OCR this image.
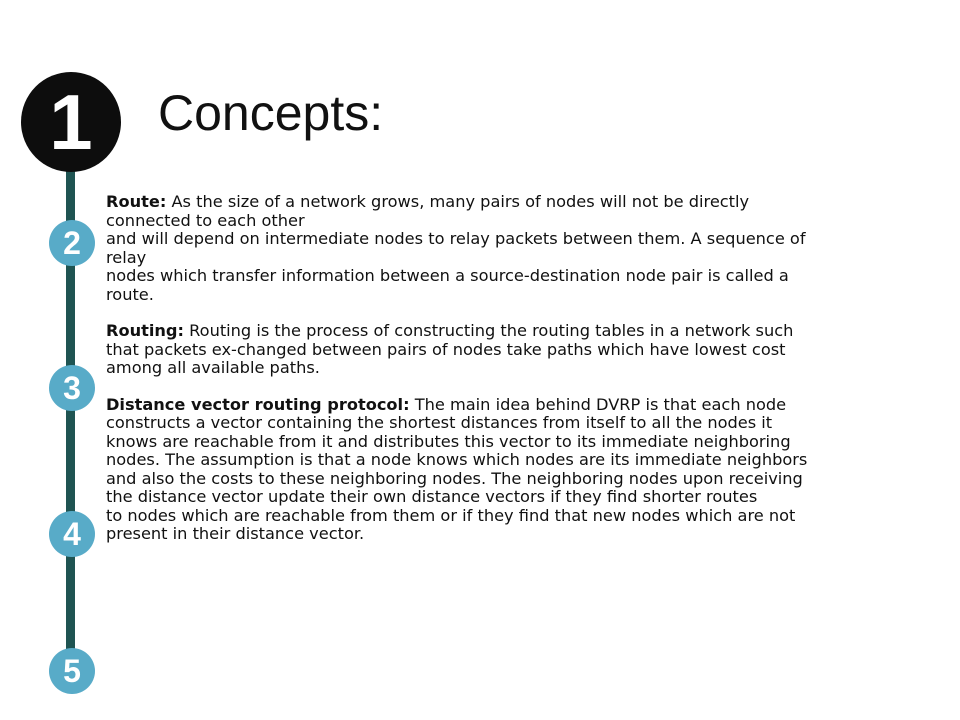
1
2
3
4
5
Concepts:

Route: As the size of a network grows, many pairs of nodes will not be directly
connected to each other
and will depend on intermediate nodes to relay packets between them. A sequence of
relay
nodes which transfer information between a source-destination node pair is called a
route.

Routing: Routing is the process of constructing the routing tables in a network such
that packets ex-changed between pairs of nodes take paths which have lowest cost
among all available paths.

Distance vector routing protocol: The main idea behind DVRP is that each node
constructs a vector containing the shortest distances from itself to all the nodes it
knows are reachable from it and distributes this vector to its immediate neighboring
nodes. The assumption is that a node knows which nodes are its immediate neighbors
and also the costs to these neighboring nodes. The neighboring nodes upon receiving
the distance vector update their own distance vectors if they find shorter routes
to nodes which are reachable from them or if they find that new nodes which are not
present in their distance vector.
